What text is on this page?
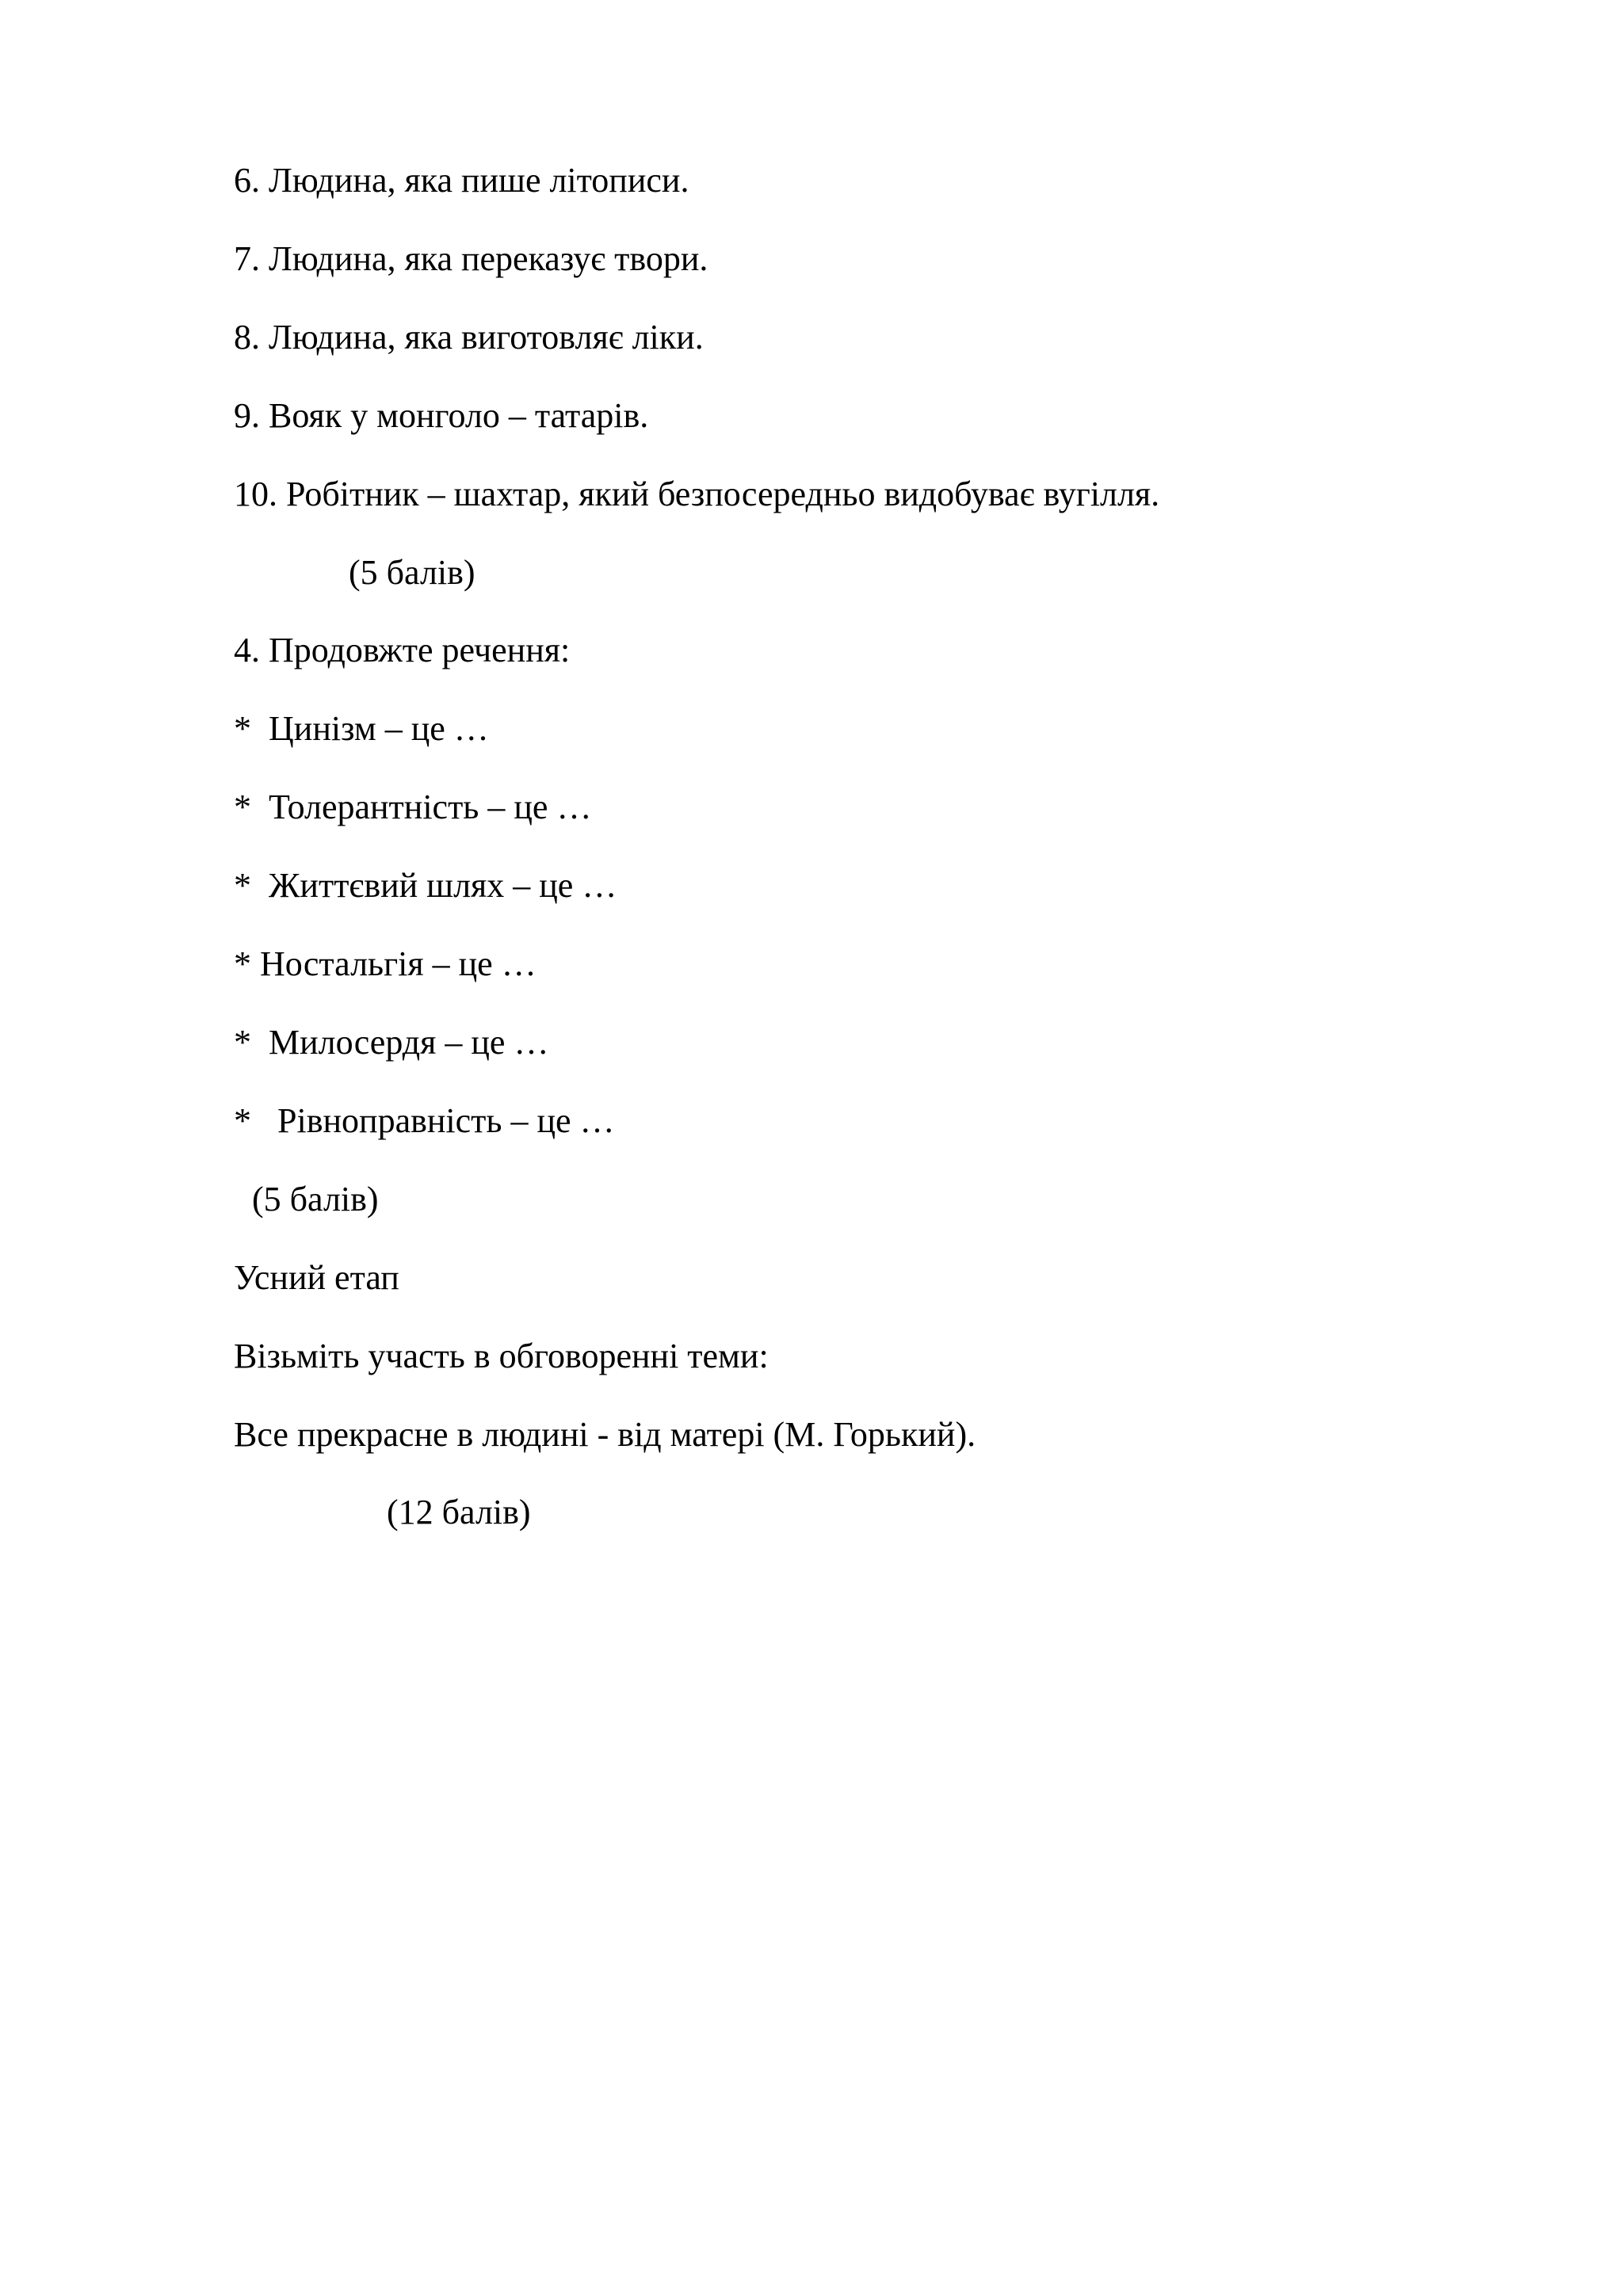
6. Людина, яка пише літописи.
7. Людина, яка переказує твори.
8. Людина, яка виготовляє ліки.
9. Вояк у монголо – татарів.
10. Робітник – шахтар, який безпосередньо видобуває вугілля.
(5 балів)
4. Продовжте речення:
*  Цинізм – це …
*  Толерантність – це …
*  Життєвий шлях – це …
* Ностальгія – це …
*  Милосердя – це …
*   Рівноправність – це …
(5 балів)
Усний етап
Візьміть участь в обговоренні теми:
Все прекрасне в людині - від матері (М. Горький).
(12 балів)
